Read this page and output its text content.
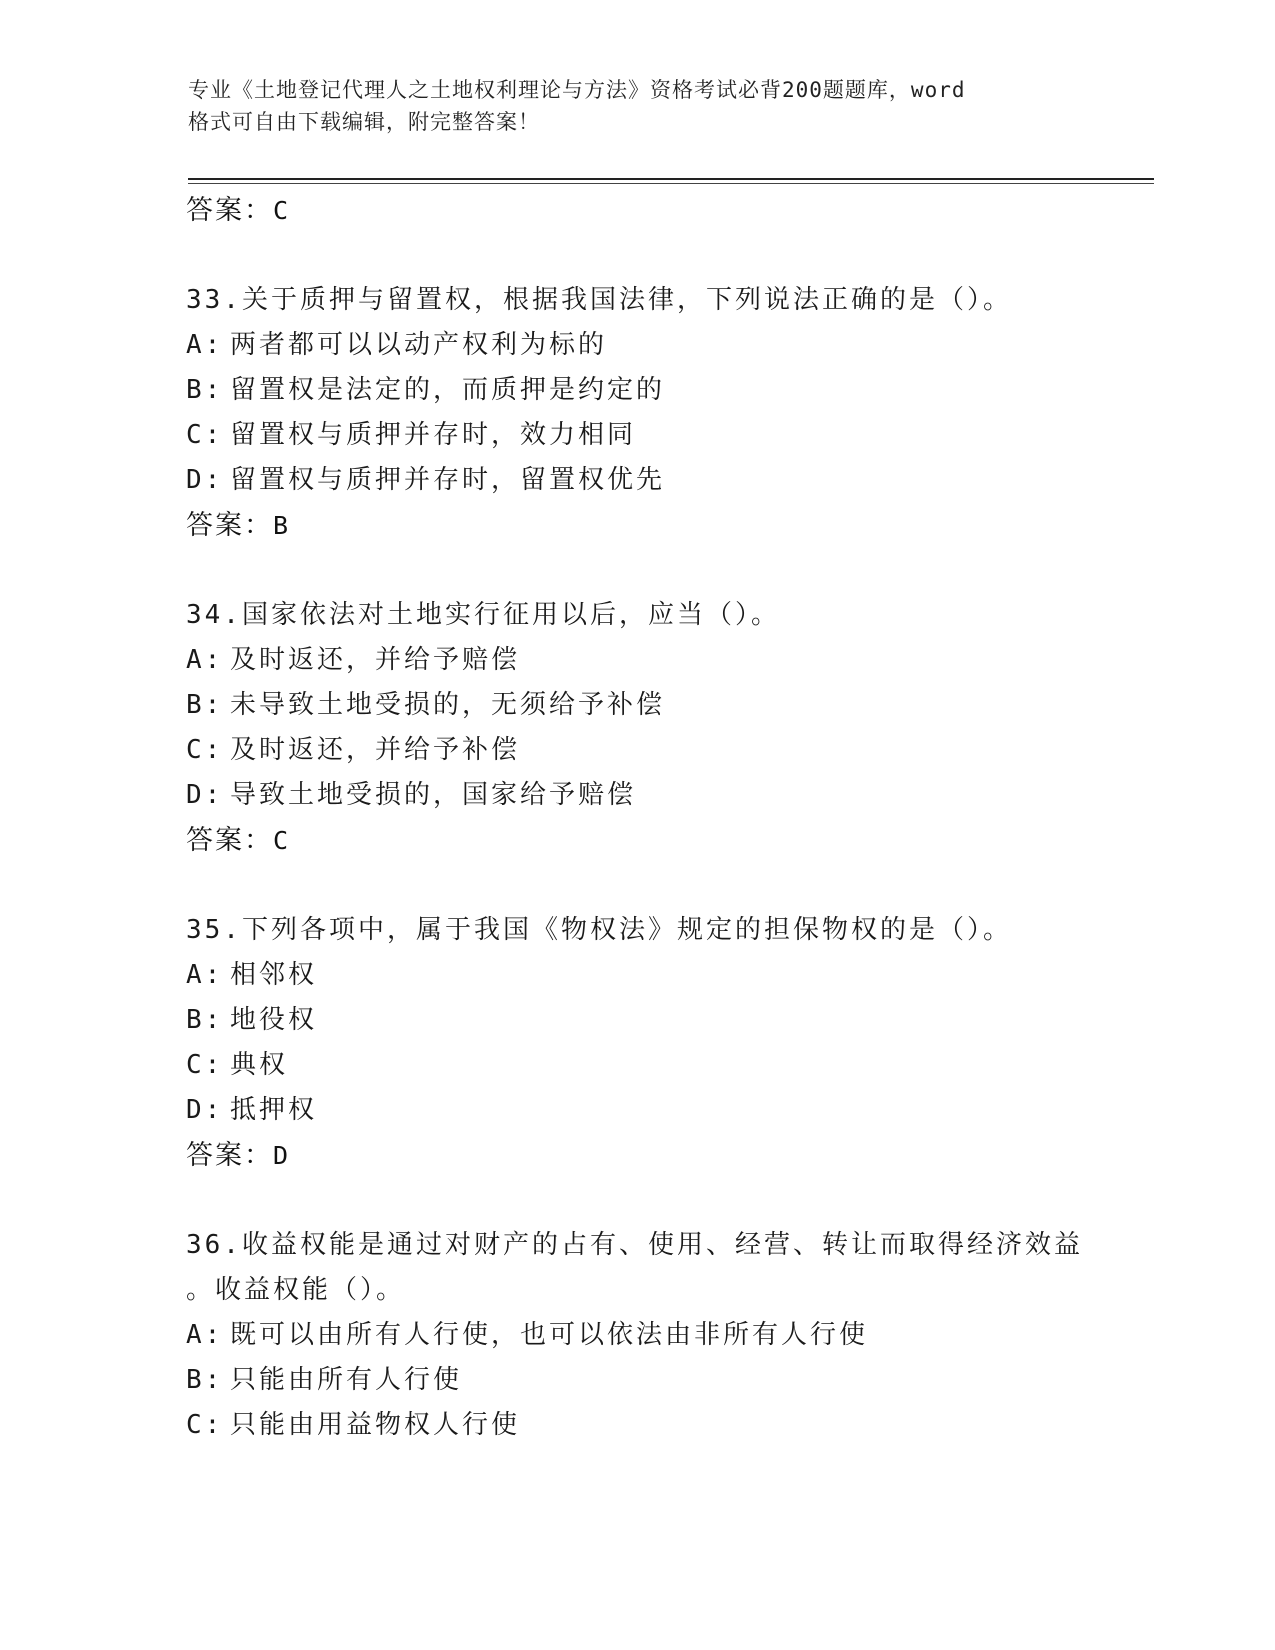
专业《土地登记代理人之土地权利理论与方法》资格考试必背200题题库，word
格式可自由下载编辑，附完整答案！
答案：C
33.关于质押与留置权，根据我国法律，下列说法正确的是（）。
A: 两者都可以以动产权利为标的
B: 留置权是法定的，而质押是约定的
C: 留置权与质押并存时，效力相同
D: 留置权与质押并存时，留置权优先
答案：B
34.国家依法对土地实行征用以后，应当（）。
A: 及时返还，并给予赔偿
B: 未导致土地受损的，无须给予补偿
C: 及时返还，并给予补偿
D: 导致土地受损的，国家给予赔偿
答案：C
35.下列各项中，属于我国《物权法》规定的担保物权的是（）。
A: 相邻权
B: 地役权
C: 典权
D: 抵押权
答案：D
36.收益权能是通过对财产的占有、使用、经营、转让而取得经济效益
。收益权能（）。
A: 既可以由所有人行使，也可以依法由非所有人行使
B: 只能由所有人行使
C: 只能由用益物权人行使
